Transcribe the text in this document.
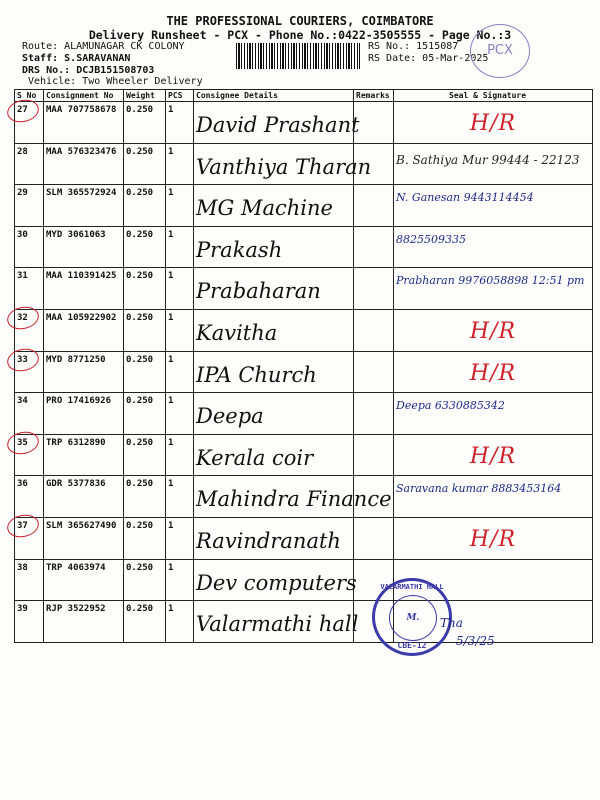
THE PROFESSIONAL COURIERS, COIMBATORE
Delivery Runsheet - PCX - Phone No.:0422-3505555 - Page No.:3
Route: ALAMUNAGAR CK COLONY
Staff: S.SARAVANAN
DRS No.: DCJB151508703
Vehicle: Two Wheeler Delivery
RS No.: 1515087
RS Date: 05-Mar-2025
PCX
S No	Consignment No	Weight	PCS	Consignee Details	Remarks	Seal & Signature
27	MAA 707758678	0.250	1	David Prashant		H/R

28	MAA 576323476	0.250	1	Vanthiya Tharan		B. Sathiya Mur 99444 - 22123

29	SLM 365572924	0.250	1	MG Machine		N. Ganesan 9443114454

30	MYD 3061063	0.250	1	Prakash		8825509335

31	MAA 110391425	0.250	1	Prabaharan		Prabharan 9976058898 12:51 pm

32	MAA 105922902	0.250	1	Kavitha		H/R

33	MYD 8771250	0.250	1	IPA Church		H/R

34	PRO 17416926	0.250	1	Deepa		Deepa 6330885342

35	TRP 6312890	0.250	1	Kerala coir		H/R

36	GDR 5377836	0.250	1	Mahindra Finance		Saravana kumar 8883453164

37	SLM 365627490	0.250	1	Ravindranath		H/R

38	TRP 4063974	0.250	1	Dev computers		

39	RJP 3522952	0.250	1	Valarmathi hall		

VALARMATHI HALL
M.
CBE-12
Tha
5/3/25
